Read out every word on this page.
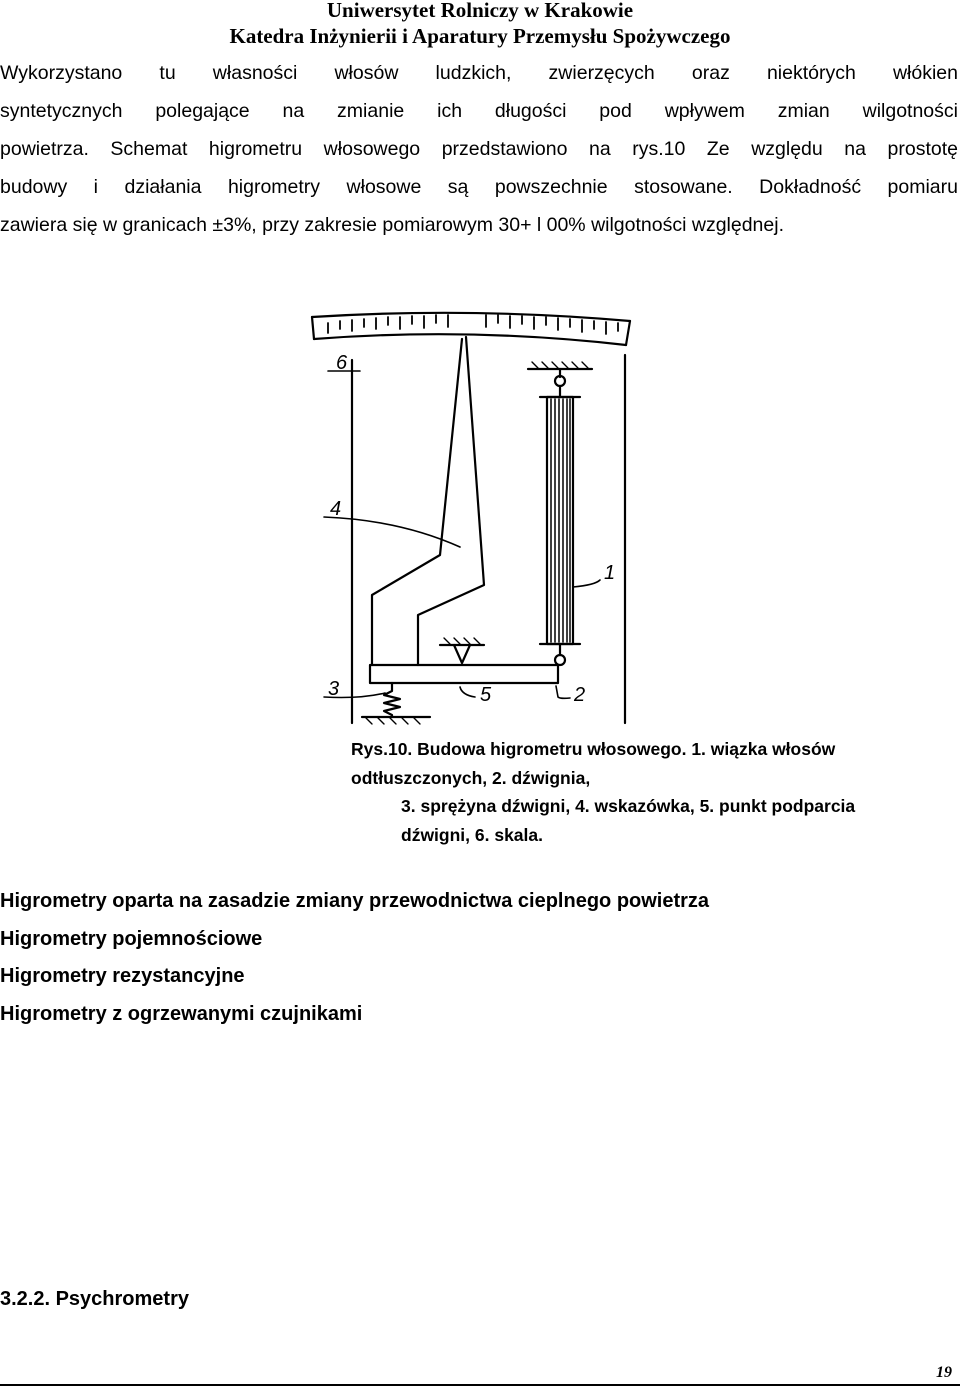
Uniwersytet Rolniczy w Krakowie
Katedra Inżynierii i Aparatury Przemysłu Spożywczego
Wykorzystano tu własności włosów ludzkich, zwierzęcych oraz niektórych włókien
syntetycznych polegające na zmianie ich długości pod wpływem zmian wilgotności
powietrza. Schemat higrometru włosowego przedstawiono na rys.10 Ze względu na prostotę
budowy i działania higrometry włosowe są powszechnie stosowane. Dokładność pomiaru
zawiera się w granicach ±3%, przy zakresie pomiarowym 30+ l 00% wilgotności względnej.
6
4
1
3	5	2
Rys.10. Budowa higrometru włosowego. 1. wiązka włosów odtłuszczonych, 2. dźwignia,
3. sprężyna dźwigni, 4. wskazówka, 5. punkt podparcia dźwigni, 6. skala.
Higrometry oparta na zasadzie zmiany przewodnictwa cieplnego powietrza
Higrometry pojemnościowe
Higrometry rezystancyjne
Higrometry z ogrzewanymi czujnikami
3.2.2. Psychrometry
19
